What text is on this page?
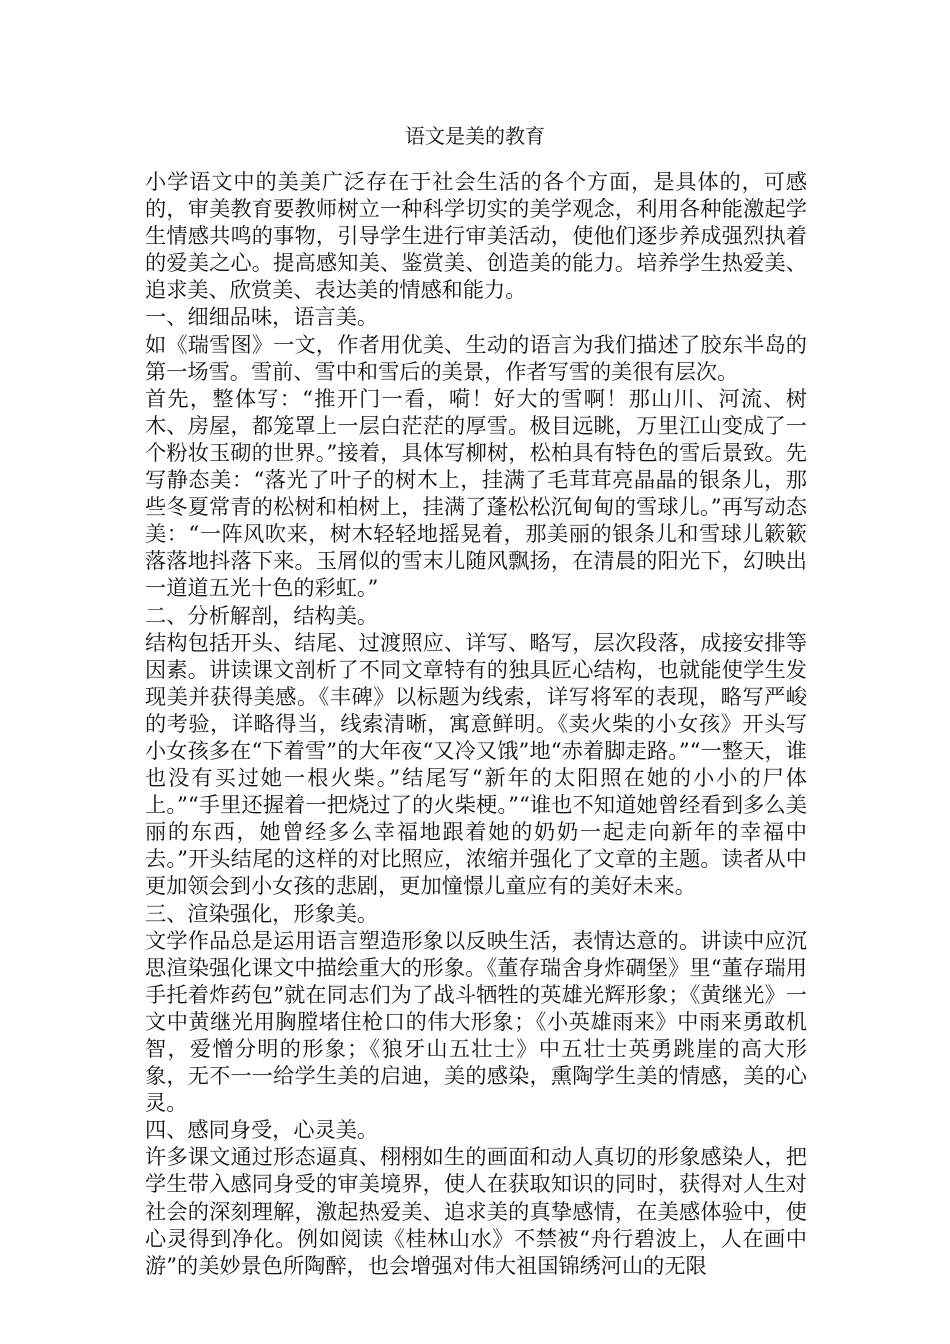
语文是美的教育

小学语文中的美美广泛存在于社会生活的各个方面，是具体的，可感的，审美教育要教师树立一种科学切实的美学观念，利用各种能激起学生情感共鸣的事物，引导学生进行审美活动，使他们逐步养成强烈执着的爱美之心。提高感知美、鉴赏美、创造美的能力。培养学生热爱美、追求美、欣赏美、表达美的情感和能力。

一、细细品味，语言美。

如《瑞雪图》一文，作者用优美、生动的语言为我们描述了胶东半岛的第一场雪。雪前、雪中和雪后的美景，作者写雪的美很有层次。

首先，整体写：“推开门一看，嗬！好大的雪啊！那山川、河流、树木、房屋，都笼罩上一层白茫茫的厚雪。极目远眺，万里江山变成了一个粉妆玉砌的世界。”接着，具体写柳树，松柏具有特色的雪后景致。先写静态美：“落光了叶子的树木上，挂满了毛茸茸亮晶晶的银条儿，那些冬夏常青的松树和柏树上，挂满了蓬松松沉甸甸的雪球儿。”再写动态美：“一阵风吹来，树木轻轻地摇晃着，那美丽的银条儿和雪球儿簌簌落落地抖落下来。玉屑似的雪末儿随风飘扬，在清晨的阳光下，幻映出一道道五光十色的彩虹。”

二、分析解剖，结构美。

结构包括开头、结尾、过渡照应、详写、略写，层次段落，成接安排等因素。讲读课文剖析了不同文章特有的独具匠心结构，也就能使学生发现美并获得美感。《丰碑》以标题为线索，详写将军的表现，略写严峻的考验，详略得当，线索清晰，寓意鲜明。《卖火柴的小女孩》开头写小女孩多在“下着雪”的大年夜“又冷又饿”地“赤着脚走路。”“一整天，谁也没有买过她一根火柴。”结尾写“新年的太阳照在她的小小的尸体上。”“手里还握着一把烧过了的火柴梗。”“谁也不知道她曾经看到多么美丽的东西，她曾经多么幸福地跟着她的奶奶一起走向新年的幸福中去。”开头结尾的这样的对比照应，浓缩并强化了文章的主题。读者从中更加领会到小女孩的悲剧，更加憧憬儿童应有的美好未来。

三、渲染强化，形象美。

文学作品总是运用语言塑造形象以反映生活，表情达意的。讲读中应沉思渲染强化课文中描绘重大的形象。《董存瑞舍身炸碉堡》里“董存瑞用手托着炸药包”就在同志们为了战斗牺牲的英雄光辉形象；《黄继光》一文中黄继光用胸膛堵住枪口的伟大形象；《小英雄雨来》中雨来勇敢机智，爱憎分明的形象；《狼牙山五壮士》中五壮士英勇跳崖的高大形象，无不一一给学生美的启迪，美的感染，熏陶学生美的情感，美的心灵。

四、感同身受，心灵美。

许多课文通过形态逼真、栩栩如生的画面和动人真切的形象感染人，把学生带入感同身受的审美境界，使人在获取知识的同时，获得对人生对社会的深刻理解，激起热爱美、追求美的真挚感情，在美感体验中，使心灵得到净化。例如阅读《桂林山水》不禁被“舟行碧波上，人在画中游”的美妙景色所陶醉，也会增强对伟大祖国锦绣河山的无限
